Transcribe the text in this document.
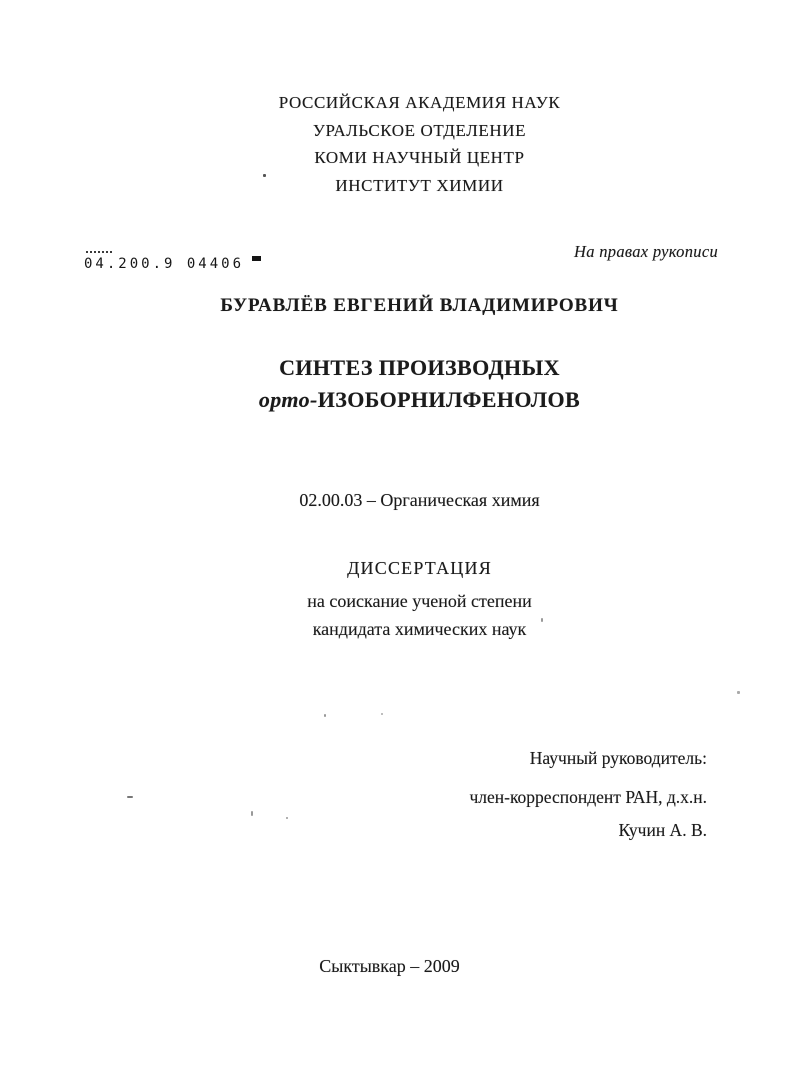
РОССИЙСКАЯ АКАДЕМИЯ НАУК
УРАЛЬСКОЕ ОТДЕЛЕНИЕ
КОМИ НАУЧНЫЙ ЦЕНТР
ИНСТИТУТ ХИМИИ
На правах рукописи
04.200.9 04406
БУРАВЛЁВ ЕВГЕНИЙ ВЛАДИМИРОВИЧ
СИНТЕЗ ПРОИЗВОДНЫХ
орто-ИЗОБОРНИЛФЕНОЛОВ
02.00.03 – Органическая химия
ДИССЕРТАЦИЯ
на соискание ученой степени
кандидата химических наук
Научный руководитель:
член-корреспондент РАН, д.х.н.
Кучин А. В.
Сыктывкар – 2009
